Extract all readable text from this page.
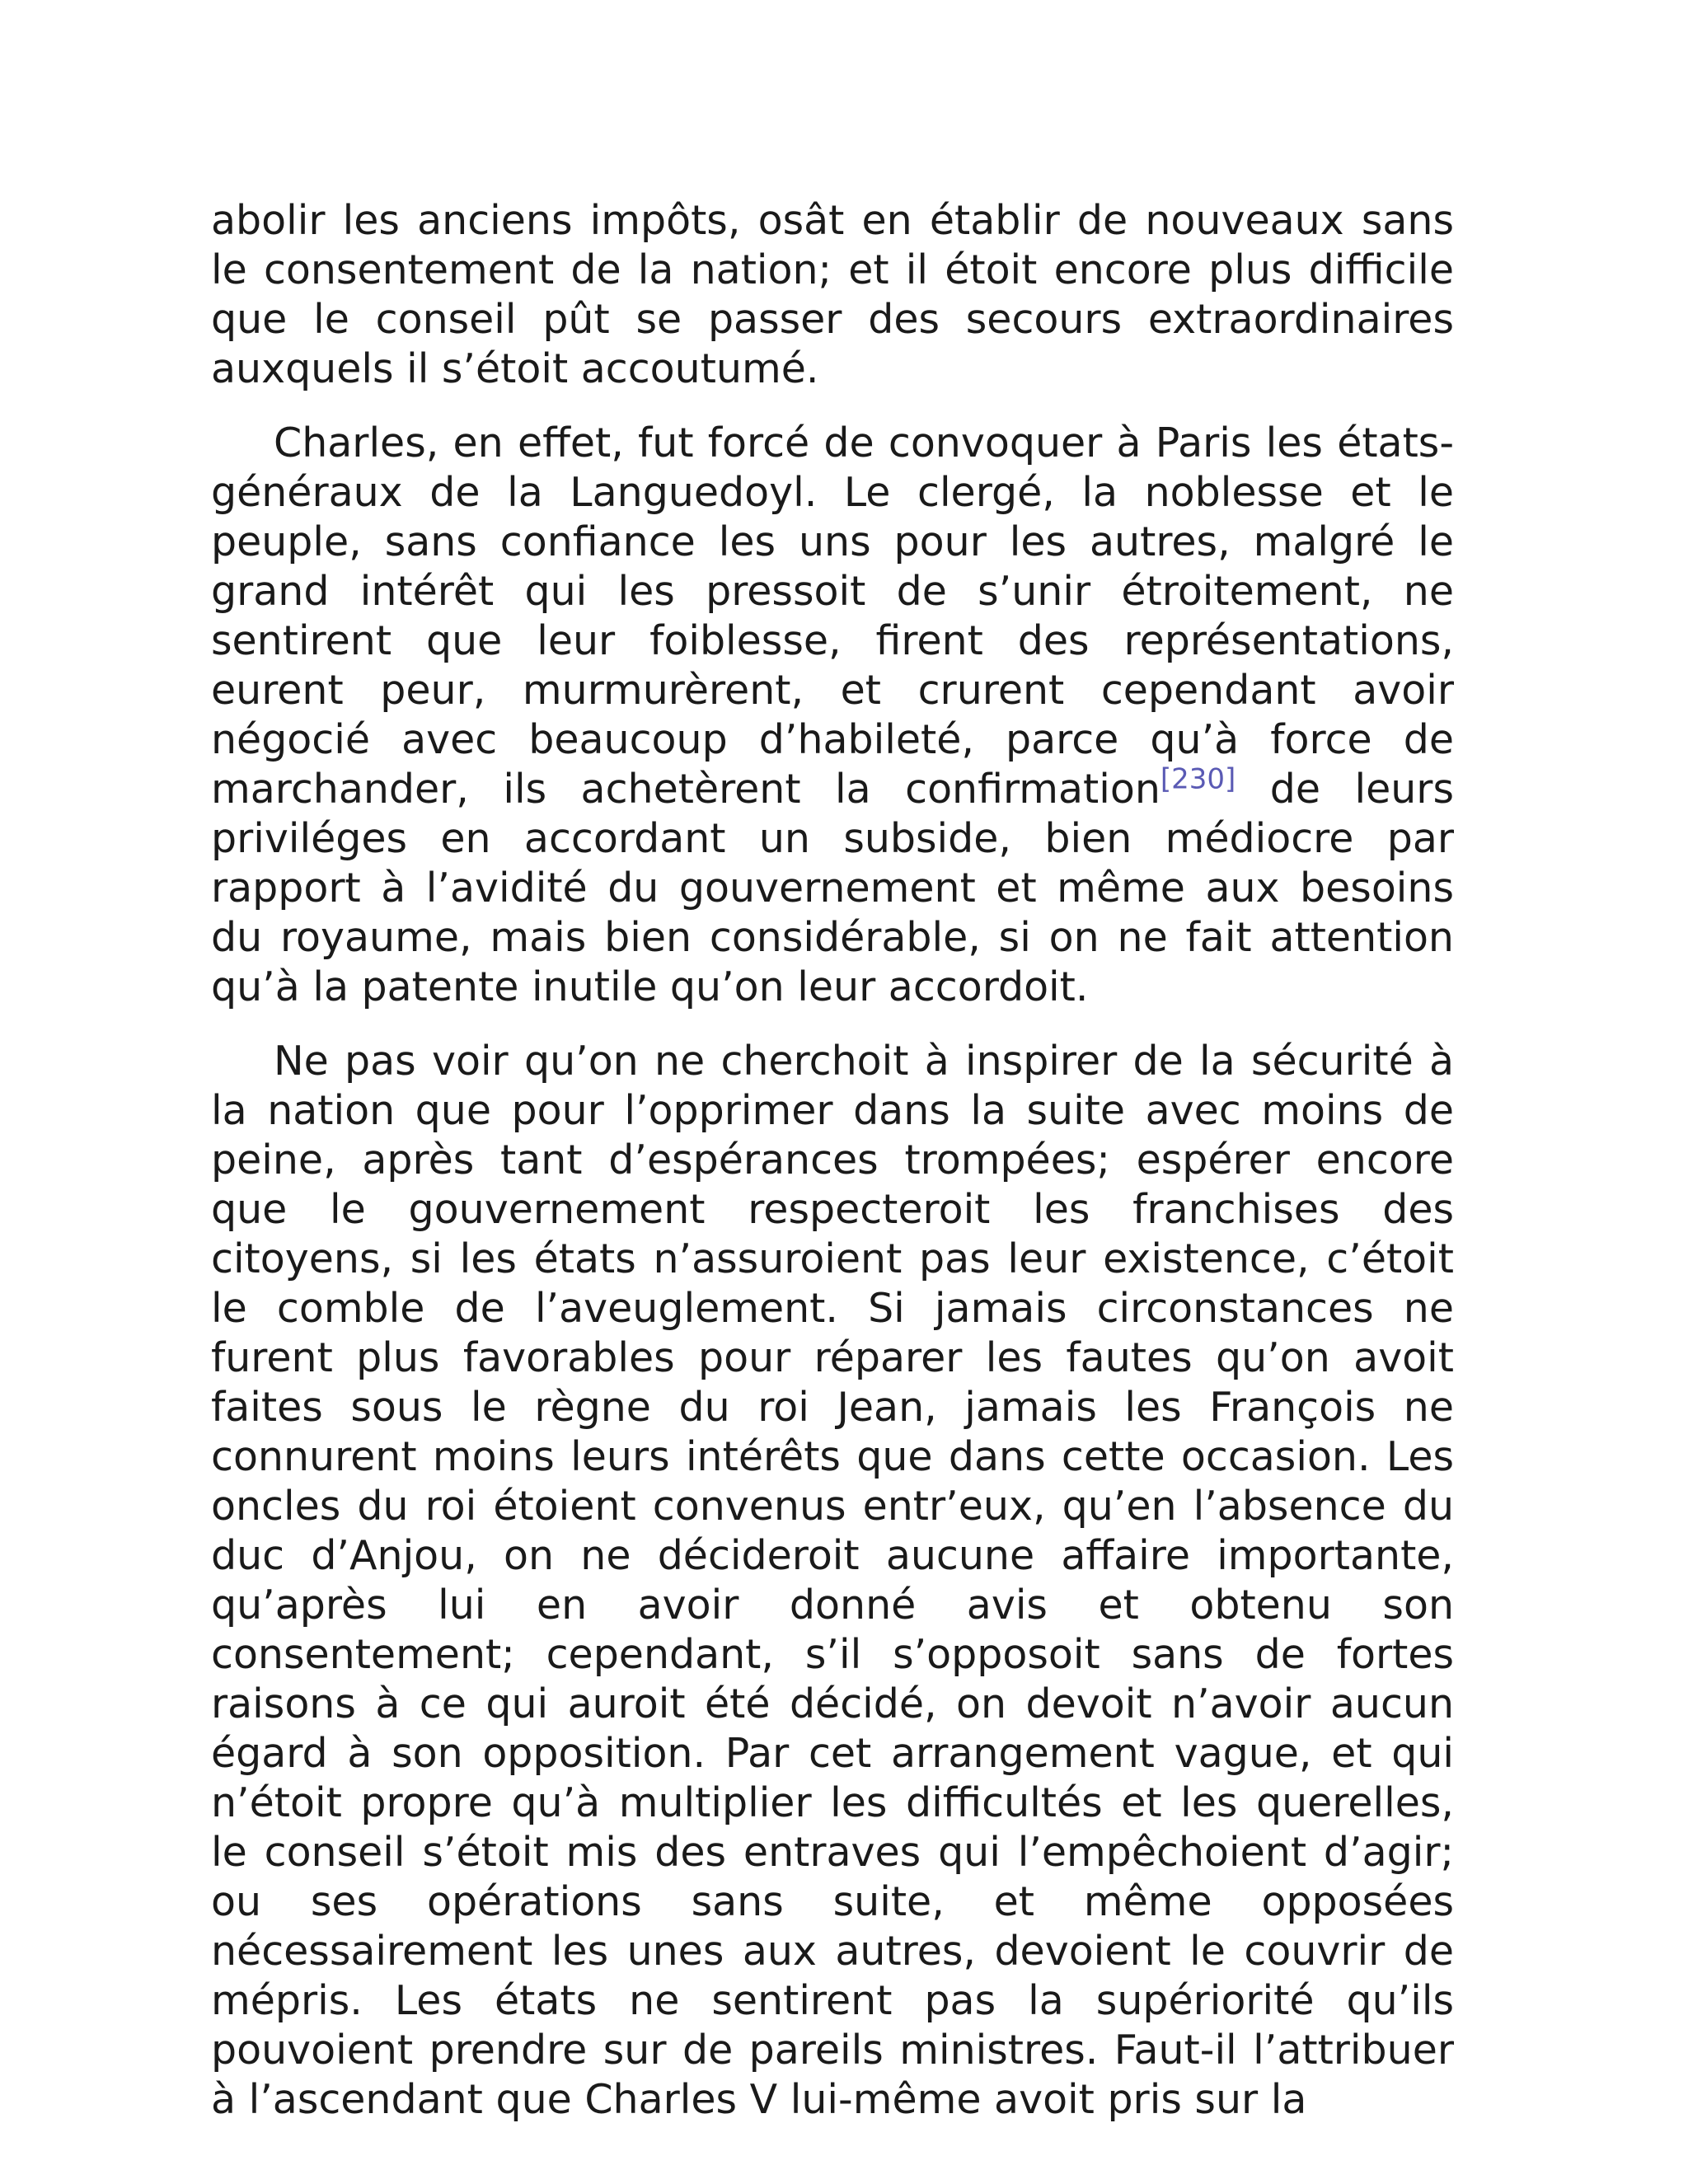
abolir les anciens impôts, osât en établir de nouveaux sans le consentement de la nation; et il étoit encore plus difficile que le conseil pût se passer des secours extraordinaires auxquels il s’étoit accoutumé.

Charles, en effet, fut forcé de convoquer à Paris les états-généraux de la Languedoyl. Le clergé, la noblesse et le peuple, sans confiance les uns pour les autres, malgré le grand intérêt qui les pressoit de s’unir étroitement, ne sentirent que leur foiblesse, firent des représentations, eurent peur, murmurèrent, et crurent cependant avoir négocié avec beaucoup d’habileté, parce qu’à force de marchander, ils achetèrent la confirmation[230] de leurs priviléges en accordant un subside, bien médiocre par rapport à l’avidité du gouvernement et même aux besoins du royaume, mais bien considérable, si on ne fait attention qu’à la patente inutile qu’on leur accordoit.

Ne pas voir qu’on ne cherchoit à inspirer de la sécurité à la nation que pour l’opprimer dans la suite avec moins de peine, après tant d’espérances trompées; espérer encore que le gouvernement respecteroit les franchises des citoyens, si les états n’assuroient pas leur existence, c’étoit le comble de l’aveuglement. Si jamais circonstances ne furent plus favorables pour réparer les fautes qu’on avoit faites sous le règne du roi Jean, jamais les François ne connurent moins leurs intérêts que dans cette occasion. Les oncles du roi étoient convenus entr’eux, qu’en l’absence du duc d’Anjou, on ne décideroit aucune affaire importante, qu’après lui en avoir donné avis et obtenu son consentement; cependant, s’il s’opposoit sans de fortes raisons à ce qui auroit été décidé, on devoit n’avoir aucun égard à son opposition. Par cet arrangement vague, et qui n’étoit propre qu’à multiplier les difficultés et les querelles, le conseil s’étoit mis des entraves qui l’empêchoient d’agir; ou ses opérations sans suite, et même opposées nécessairement les unes aux autres, devoient le couvrir de mépris. Les états ne sentirent pas la supériorité qu’ils pouvoient prendre sur de pareils ministres. Faut-il l’attribuer à l’ascendant que Charles V lui-même avoit pris sur la
